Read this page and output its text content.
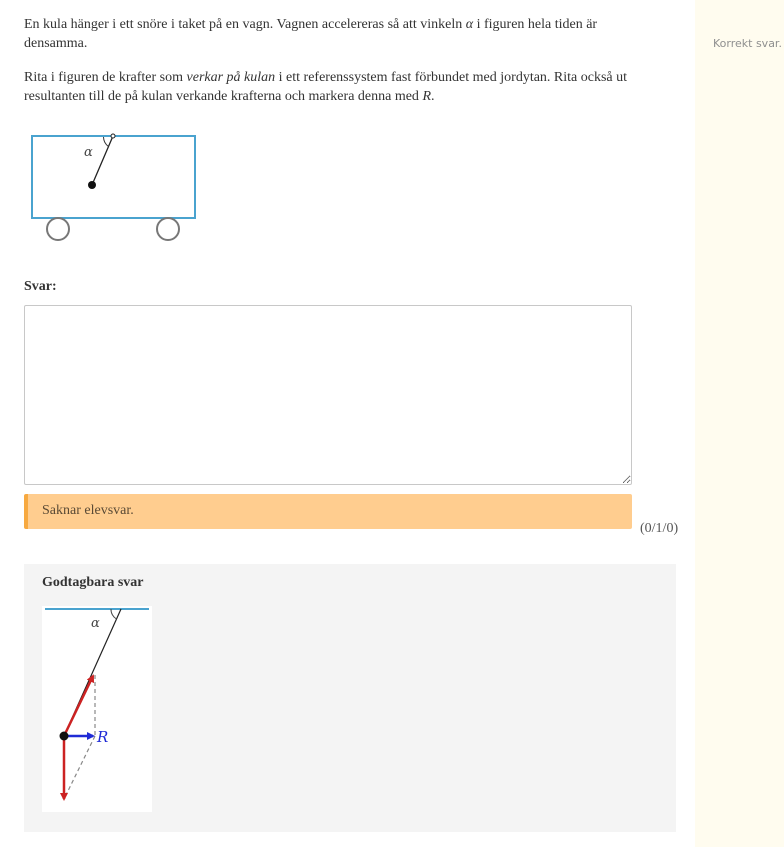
En kula hänger i ett snöre i taket på en vagn. Vagnen accelereras så att vinkeln α i figuren hela tiden är densamma.
Rita i figuren de krafter som verkar på kulan i ett referenssystem fast förbundet med jordytan. Rita också ut resultanten till de på kulan verkande krafterna och markera denna med R.
α
Svar:
Saknar elevsvar.
(0/1/0)
Godtagbara svar
α
R
Korrekt svar.
